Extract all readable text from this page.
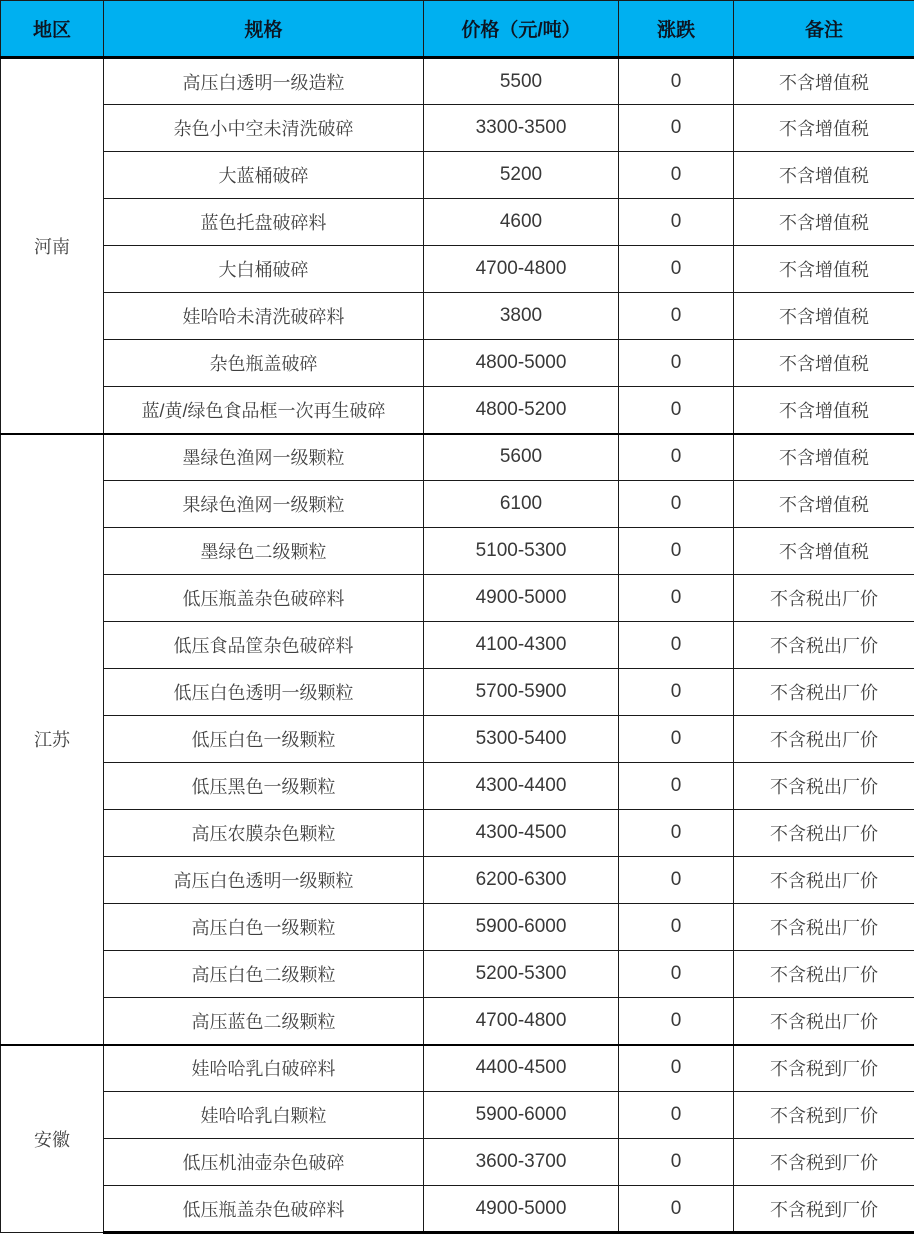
地区	规格	价格（元/吨）	涨跌	备注
河南	高压白透明一级造粒	5500	0	不含增值税
	杂色小中空未清洗破碎	3300-3500	0	不含增值税
	大蓝桶破碎	5200	0	不含增值税
	蓝色托盘破碎料	4600	0	不含增值税
	大白桶破碎	4700-4800	0	不含增值税
	娃哈哈未清洗破碎料	3800	0	不含增值税
	杂色瓶盖破碎	4800-5000	0	不含增值税
	蓝/黄/绿色食品框一次再生破碎	4800-5200	0	不含增值税
江苏	墨绿色渔网一级颗粒	5600	0	不含增值税
	果绿色渔网一级颗粒	6100	0	不含增值税
	墨绿色二级颗粒	5100-5300	0	不含增值税
	低压瓶盖杂色破碎料	4900-5000	0	不含税出厂价
	低压食品筐杂色破碎料	4100-4300	0	不含税出厂价
	低压白色透明一级颗粒	5700-5900	0	不含税出厂价
	低压白色一级颗粒	5300-5400	0	不含税出厂价
	低压黑色一级颗粒	4300-4400	0	不含税出厂价
	高压农膜杂色颗粒	4300-4500	0	不含税出厂价
	高压白色透明一级颗粒	6200-6300	0	不含税出厂价
	高压白色一级颗粒	5900-6000	0	不含税出厂价
	高压白色二级颗粒	5200-5300	0	不含税出厂价
	高压蓝色二级颗粒	4700-4800	0	不含税出厂价
安徽	娃哈哈乳白破碎料	4400-4500	0	不含税到厂价
	娃哈哈乳白颗粒	5900-6000	0	不含税到厂价
	低压机油壶杂色破碎	3600-3700	0	不含税到厂价
	低压瓶盖杂色破碎料	4900-5000	0	不含税到厂价
